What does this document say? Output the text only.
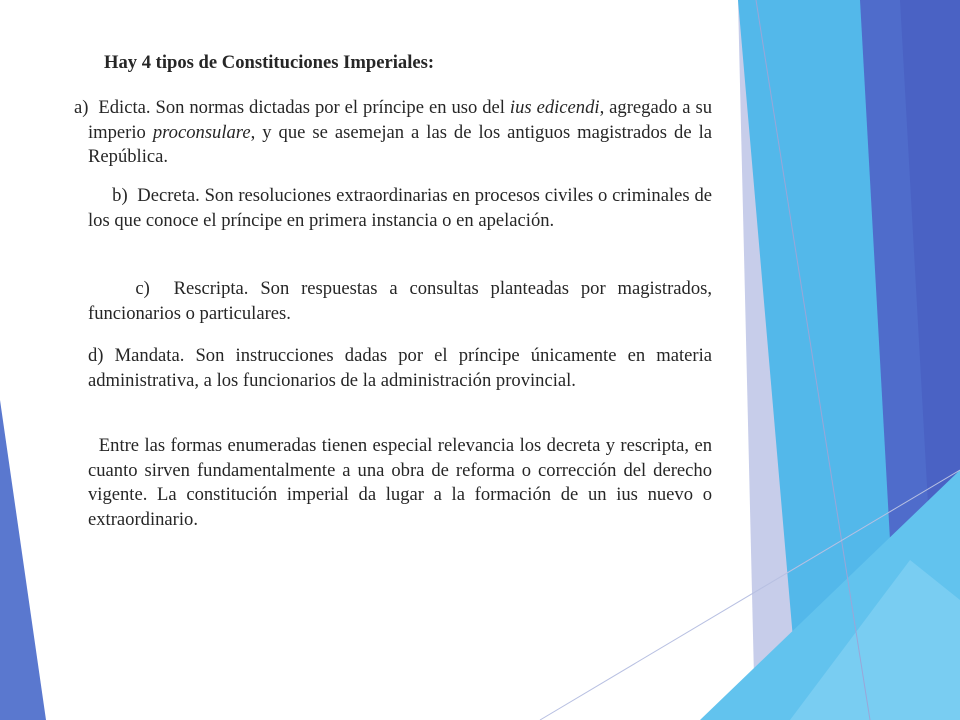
Hay 4 tipos de Constituciones Imperiales:
a) Edicta. Son normas dictadas por el príncipe en uso del ius edicendi, agregado a su imperio proconsulare, y que se asemejan a las de los antiguos magistrados de la República.
b) Decreta. Son resoluciones extraordinarias en procesos civiles o criminales de los que conoce el príncipe en primera instancia o en apelación.
c) Rescripta. Son respuestas a consultas planteadas por magistrados, funcionarios o particulares.
d) Mandata. Son instrucciones dadas por el príncipe únicamente en materia administrativa, a los funcionarios de la administración provincial.
Entre las formas enumeradas tienen especial relevancia los decreta y rescripta, en cuanto sirven fundamentalmente a una obra de reforma o corrección del derecho vigente. La constitución imperial da lugar a la formación de un ius nuevo o extraordinario.
